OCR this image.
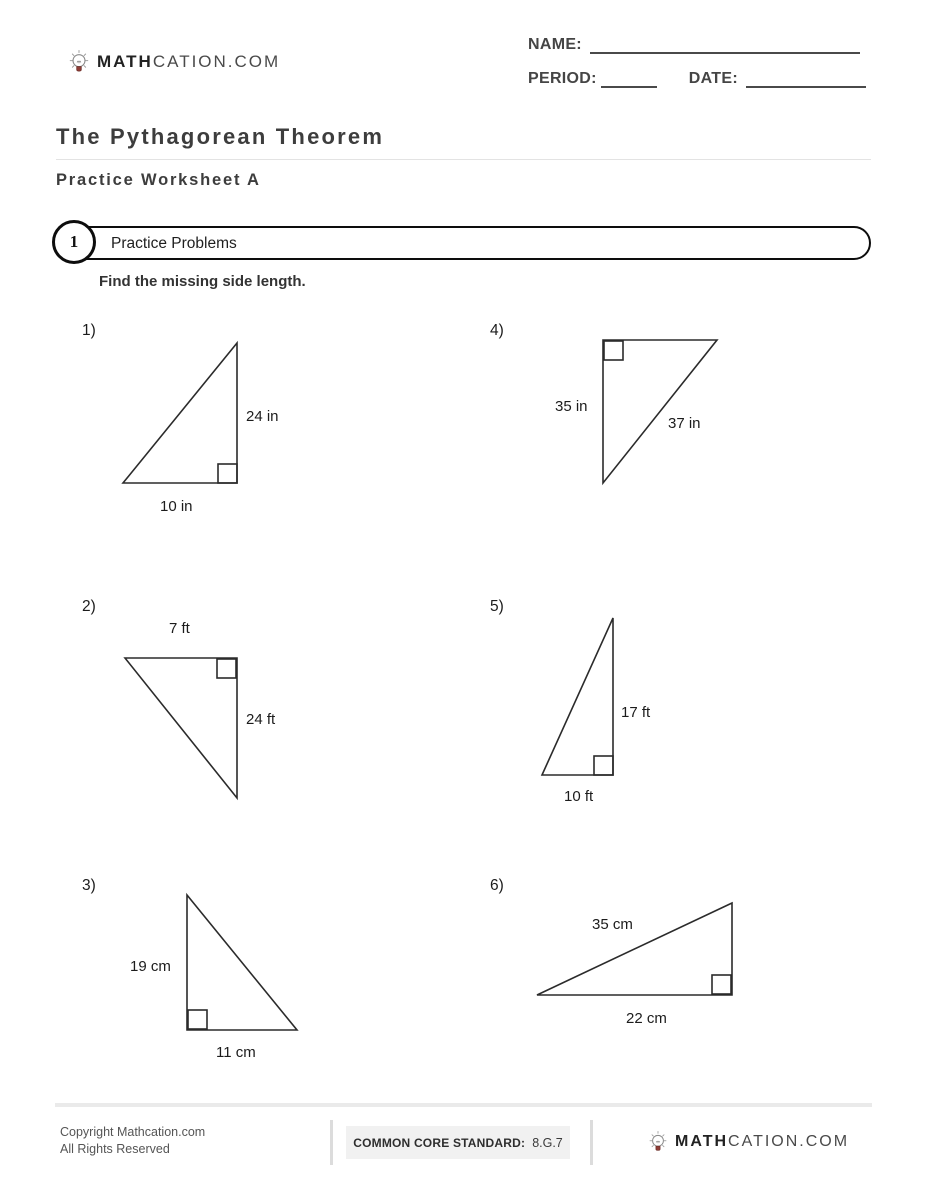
MATHCATION.COM
NAME:
PERIOD:	DATE:
The Pythagorean Theorem
Practice Worksheet A
1	Practice Problems
Find the missing side length.
1)
24 in
10 in
4)
35 in
37 in
2)
7 ft
24 ft
5)
17 ft
10 ft
3)
19 cm
11 cm
6)
35 cm
22 cm
Copyright Mathcation.com
All Rights Reserved	COMMON CORE STANDARD: 8.G.7	MATHCATION.COM
